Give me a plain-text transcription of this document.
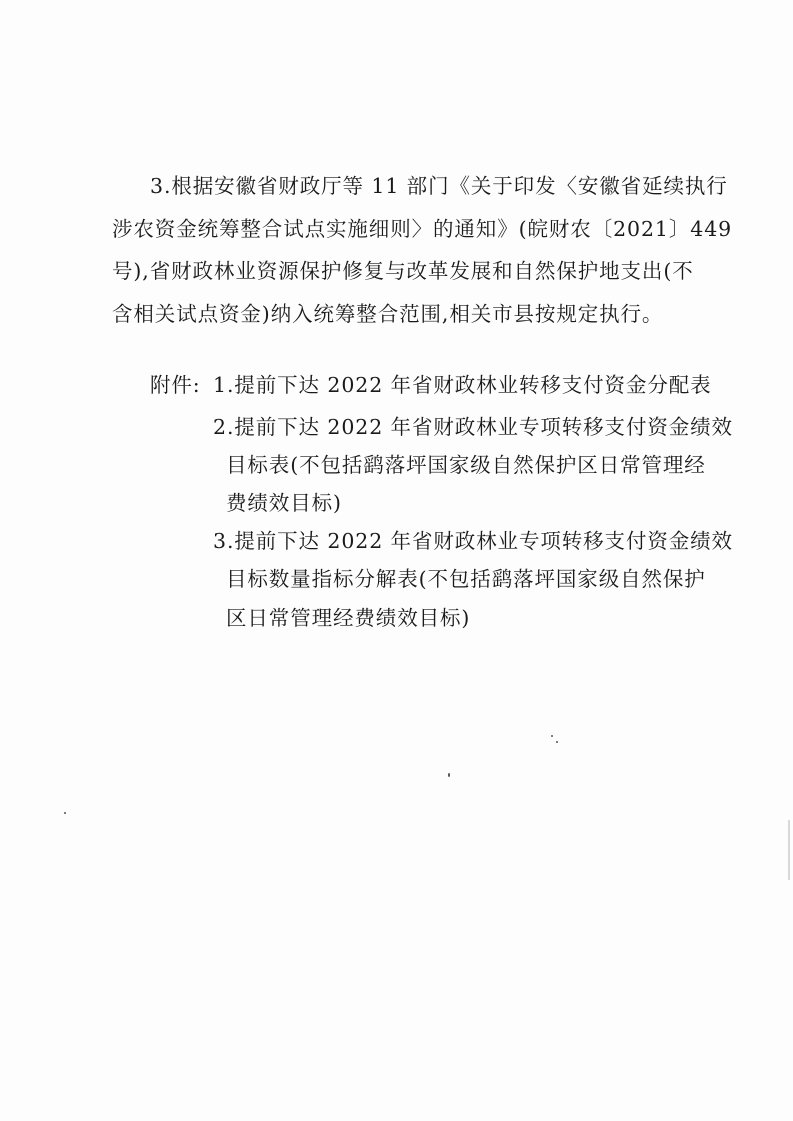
3.根据安徽省财政厅等 11 部门《关于印发〈安徽省延续执行
涉农资金统筹整合试点实施细则〉的通知》(皖财农〔2021〕449
号),省财政林业资源保护修复与改革发展和自然保护地支出(不
含相关试点资金)纳入统筹整合范围,相关市县按规定执行。
附件: 1.提前下达 2022 年省财政林业转移支付资金分配表
2.提前下达 2022 年省财政林业专项转移支付资金绩效
目标表(不包括鹞落坪国家级自然保护区日常管理经
费绩效目标)
3.提前下达 2022 年省财政林业专项转移支付资金绩效
目标数量指标分解表(不包括鹞落坪国家级自然保护
区日常管理经费绩效目标)
